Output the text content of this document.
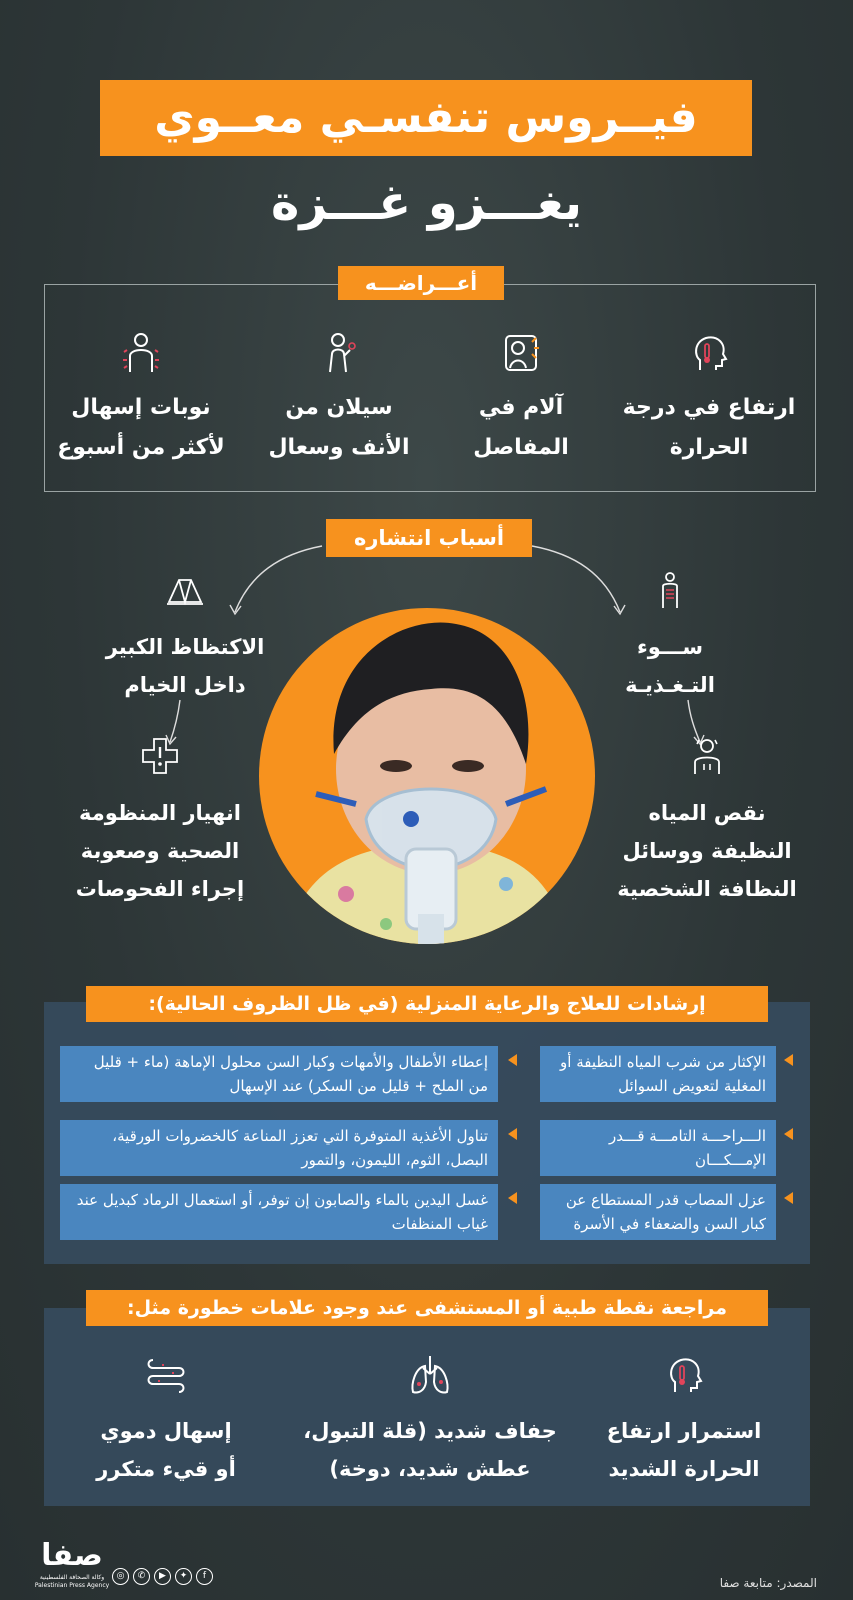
فيــروس تنفسـي معــوي
يغـــزو غـــزة
أعـــراضـــه
ارتفاع في درجة
الحرارة
آلام في
المفاصل
سيلان من
الأنف وسعال
نوبات إسهال
لأكثر من أسبوع
أسباب انتشاره
ســـوء
التـغـذيـة
الاكتظاظ الكبير
داخل الخيام
نقص المياه
النظيفة ووسائل
النظافة الشخصية
انهيار المنظومة
الصحية وصعوبة
إجراء الفحوصات
إرشادات للعلاج والرعاية المنزلية (في ظل الظروف الحالية):
الإكثار من شرب المياه النظيفة أو المغلية لتعويض السوائل
الـــراحـــة التامـــة قـــدر الإمـــكـــان
عزل المصاب قدر المستطاع عن كبار السن والضعفاء في الأسرة
إعطاء الأطفال والأمهات وكبار السن محلول الإماهة (ماء + قليل من الملح + قليل من السكر) عند الإسهال
تناول الأغذية المتوفرة التي تعزز المناعة كالخضروات الورقية، البصل، الثوم، الليمون، والتمور
غسل اليدين بالماء والصابون إن توفر، أو استعمال الرماد كبديل عند غياب المنظفات
مراجعة نقطة طبية أو المستشفى عند وجود علامات خطورة مثل:
استمرار ارتفاع
الحرارة الشديد
جفاف شديد (قلة التبول،
عطش شديد، دوخة)
إسهال دموي
أو قيء متكرر
المصدر: متابعة صفا
◎	✆	▶	✦	f
صفا
وكالة الصحافة الفلسطينية
Palestinian Press Agency
